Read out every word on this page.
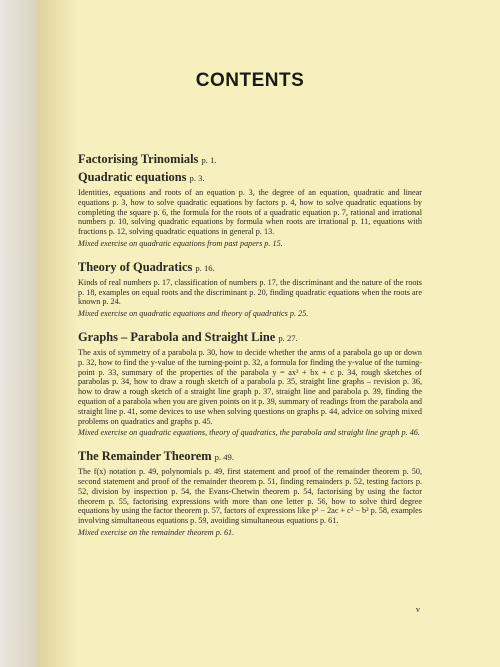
CONTENTS
Factorising Trinomials p. 1.
Quadratic equations p. 3.
Identities, equations and roots of an equation p. 3, the degree of an equation, quadratic and linear equations p. 3, how to solve quadratic equations by factors p. 4, how to solve quadratic equations by completing the square p. 6, the formula for the roots of a quadratic equation p. 7, rational and irrational numbers p. 10, solving quadratic equations by formula when roots are irrational p. 11, equations with fractions p. 12, solving quadratic equations in general p. 13.
Mixed exercise on quadratic equations from past papers p. 15.
Theory of Quadratics p. 16.
Kinds of real numbers p. 17, classification of numbers p. 17, the discriminant and the nature of the roots p. 18, examples on equal roots and the discriminant p. 20, finding quadratic equations when the roots are known p. 24.
Mixed exercise on quadratic equations and theory of quadratics p. 25.
Graphs – Parabola and Straight Line p. 27.
The axis of symmetry of a parabola p. 30, how to decide whether the arms of a parabola go up or down p. 32, how to find the y-value of the turning-point p. 32, a formula for finding the y-value of the turning-point p. 33, summary of the properties of the parabola y = ax² + bx + c p. 34, rough sketches of parabolas p. 34, how to draw a rough sketch of a parabola p. 35, straight line graphs – revision p. 36, how to draw a rough sketch of a straight line graph p. 37, straight line and parabola p. 39, finding the equation of a parabola when you are given points on it p. 39, summary of readings from the parabola and straight line p. 41, some devices to use when solving questions on graphs p. 44, advice on solving mixed problems on quadratics and graphs p. 45.
Mixed exercise on quadratic equations, theory of quadratics, the parabola and straight line graph p. 46.
The Remainder Theorem p. 49.
The f(x) notation p. 49, polynomials p. 49, first statement and proof of the remainder theorem p. 50, second statement and proof of the remainder theorem p. 51, finding remainders p. 52, testing factors p. 52, division by inspection p. 54, the Evans-Chetwin theorem p. 54, factorising by using the factor theorem p. 55, factorising expressions with more than one letter p. 56, how to solve third degree equations by using the factor theorem p. 57, factors of expressions like p² − 2ac + c² − b² p. 58, examples involving simultaneous equations p. 59, avoiding simultaneous equations p. 61.
Mixed exercise on the remainder theorem p. 61.
v
